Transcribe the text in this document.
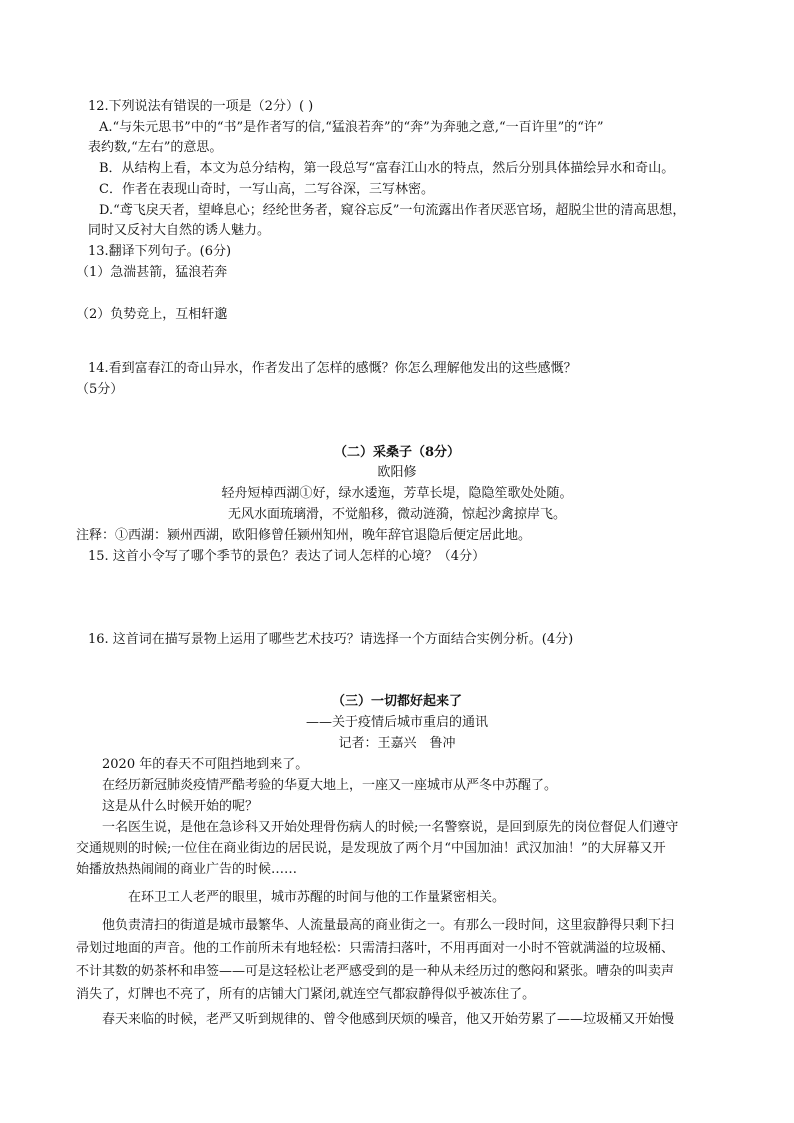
12.下列说法有错误的一项是（2分）( )
A.“与朱元思书”中的“书”是作者写的信,“猛浪若奔”的“奔”为奔驰之意,“一百许里”的“许”
表约数,“左右”的意思。
B．从结构上看，本文为总分结构，第一段总写“富春江山水的特点，然后分别具体描绘异水和奇山。
C．作者在表现山奇时，一写山高，二写谷深，三写林密。
D.“鸢飞戾天者，望峰息心；经纶世务者，窥谷忘反”一句流露出作者厌恶官场，超脱尘世的清高思想，
同时又反衬大自然的诱人魅力。
13.翻译下列句子。(6分)
（1）急湍甚箭，猛浪若奔
（2）负势竞上，互相轩邈
14.看到富春江的奇山异水，作者发出了怎样的感慨？你怎么理解他发出的这些感慨？
（5分）
（二）采桑子（8分）
欧阳修
轻舟短棹西湖①好，绿水逶迤，芳草长堤，隐隐笙歌处处随。
无风水面琉璃滑，不觉船移，微动涟漪，惊起沙禽掠岸飞。
注释：①西湖：颍州西湖，欧阳修曾任颍州知州，晚年辞官退隐后便定居此地。
15. 这首小令写了哪个季节的景色？表达了词人怎样的心境？（4分）
16. 这首词在描写景物上运用了哪些艺术技巧？请选择一个方面结合实例分析。(4分)
（三）一切都好起来了
——关于疫情后城市重启的通讯
记者：王嘉兴　鲁冲
2020 年的春天不可阻挡地到来了。
在经历新冠肺炎疫情严酷考验的华夏大地上，一座又一座城市从严冬中苏醒了。
这是从什么时候开始的呢？
一名医生说，是他在急诊科又开始处理骨伤病人的时候;一名警察说，是回到原先的岗位督促人们遵守
交通规则的时候;一位住在商业街边的居民说，是发现放了两个月“中国加油！武汉加油！”的大屏幕又开
始播放热热闹闹的商业广告的时候……
在环卫工人老严的眼里，城市苏醒的时间与他的工作量紧密相关。
他负责清扫的街道是城市最繁华、人流量最高的商业街之一。有那么一段时间，这里寂静得只剩下扫
帚划过地面的声音。他的工作前所未有地轻松：只需清扫落叶，不用再面对一小时不管就满溢的垃圾桶、
不计其数的奶茶杯和串签——可是这轻松让老严感受到的是一种从未经历过的憋闷和紧张。嘈杂的叫卖声
消失了，灯牌也不亮了，所有的店铺大门紧闭,就连空气都寂静得似乎被冻住了。
春天来临的时候，老严又听到规律的、曾令他感到厌烦的噪音，他又开始劳累了——垃圾桶又开始慢
